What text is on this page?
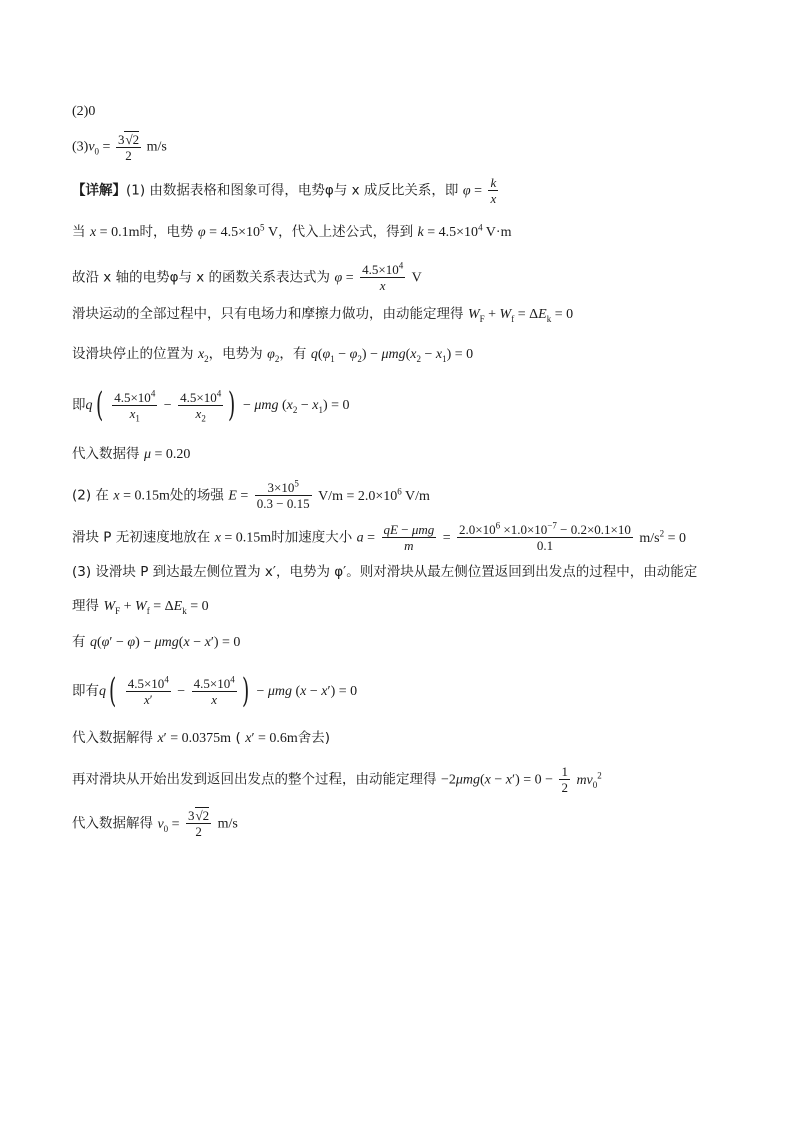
(2)0
$(3)v_0 = \frac{3√2}{2} m/s$
【详解】(1) 由数据表格和图象可得，电势φ与 x 成反比关系，即 $\varphi = \frac{k}{x}$
当 x = 0.1m时，电势 $\varphi = 4.5\times 10^5$ V，代入上述公式，得到 $k = 4.5\times 10^4$ V·m
故沿 x 轴的电势φ与 x 的函数关系表达式为 $\varphi = \frac{4.5\times 10^4}{x}$ V
滑块运动的全部过程中，只有电场力和摩擦力做功，由动能定理得 $W_F + W_f = \Delta E_k = 0$
设滑块停止的位置为 $x_2$，电势为 $\varphi_2$，有 $q(\varphi_1 - \varphi_2) - \mu mg(x_2 - x_1) = 0$
即$q( \frac{4.5\times 10^4}{x_1} - \frac{4.5\times 10^4}{x_2}$ ) − μmg $(x_2 - x_1) = 0$
代入数据得 μ = 0.20
(2) 在 x = 0.15m处的场强 $E = \frac{3\times 10^5}{0.3 - 0.15} V/m = 2.0\times 10^6$ V/m
滑块 P 无初速度地放在 x = 0.15m时加速度大小 $a = \frac{\text{qE − μmg}}{m} = \frac{2.0\times 10^6 \times 1.0\times 10^{-7} - 0.2\times 0.1\times 10}{0.1} m/s^2 = 0$
(3) 设滑块 P 到达最左侧位置为 x′，电势为 φ′。则对滑块从最左侧位置返回到出发点的过程中，由动能定
理得 $W_F + W_f = \Delta E_k = 0$
有 q(φ′ − φ) − μmg(x − x′) = 0
即有$q( \frac{4.5\times 10^4}{x'} - \frac{4.5\times 10^4}{x}$ ) − μmg (x − x′) = 0
代入数据解得 x′ = 0.0375m ( x′ = 0.6m舍去)
再对滑块从开始出发到返回出发点的整个过程，由动能定理得 $-2\mu mg(x - x') = 0 - \frac{1}{2} mv_0^2$
代入数据解得 $v_0 = \frac{3√2}{2} m/s$
